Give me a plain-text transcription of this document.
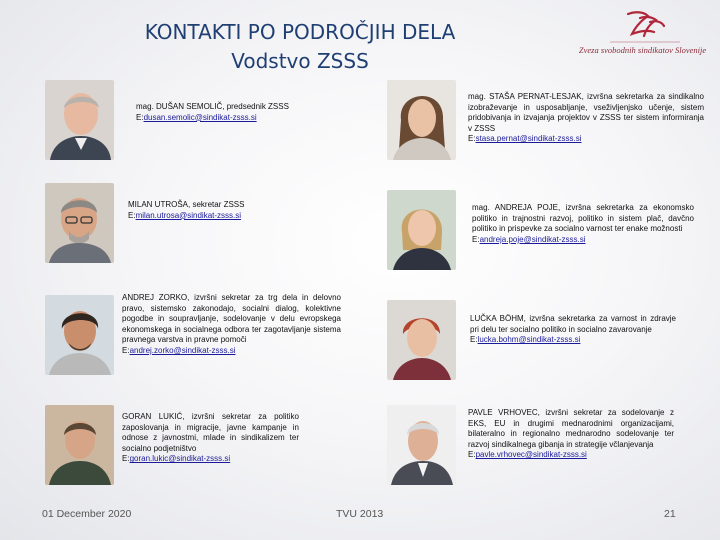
KONTAKTI PO PODROČJIH DELA
Vodstvo ZSSS	Zveza svobodnih sindikatov Slovenije
mag. DUŠAN SEMOLIČ, predsednik ZSSS
E:dusan.semolic@sindikat-zsss.si
MILAN UTROŠA, sekretar ZSSS
E:milan.utrosa@sindikat-zsss.si
ANDREJ ZORKO, izvršni sekretar za trg dela in delovno pravo, sistemsko zakonodajo, socialni dialog, kolektivne pogodbe in soupravljanje, sodelovanje v delu evropskega ekonomskega in socialnega odbora ter zagotavljanje sistema pravnega varstva in pravne pomoči
E:andrej.zorko@sindikat-zsss.si
GORAN LUKIĆ, izvršni sekretar za politiko zaposlovanja in migracije, javne kampanje in odnose z javnostmi, mlade in sindikalizem ter socialno podjetništvo
E:goran.lukic@sindikat-zsss.si
mag. STAŠA PERNAT-LESJAK, izvršna sekretarka za sindikalno izobraževanje in usposabljanje, vseživljenjsko učenje, sistem pridobivanja in izvajanja projektov v ZSSS ter sistem informiranja v ZSSS
E:stasa.pernat@sindikat-zsss.si
mag. ANDREJA POJE, izvršna sekretarka za ekonomsko politiko in trajnostni razvoj, politiko in sistem plač, davčno politiko in prispevke za socialno varnost ter enake možnosti
E:andreja.poje@sindikat-zsss.si
LUČKA BÖHM, izvršna sekretarka za varnost in zdravje pri delu ter socialno politiko in socialno zavarovanje
E:lucka.bohm@sindikat-zsss.si
PAVLE VRHOVEC, izvršni sekretar za sodelovanje z EKS, EU in drugimi mednarodnimi organizacijami, bilateralno in regionalno mednarodno sodelovanje ter razvoj sindikalnega gibanja in strategije včlanjevanja
E:pavle.vrhovec@sindikat-zsss.si
01 December 2020	TVU 2013	21
